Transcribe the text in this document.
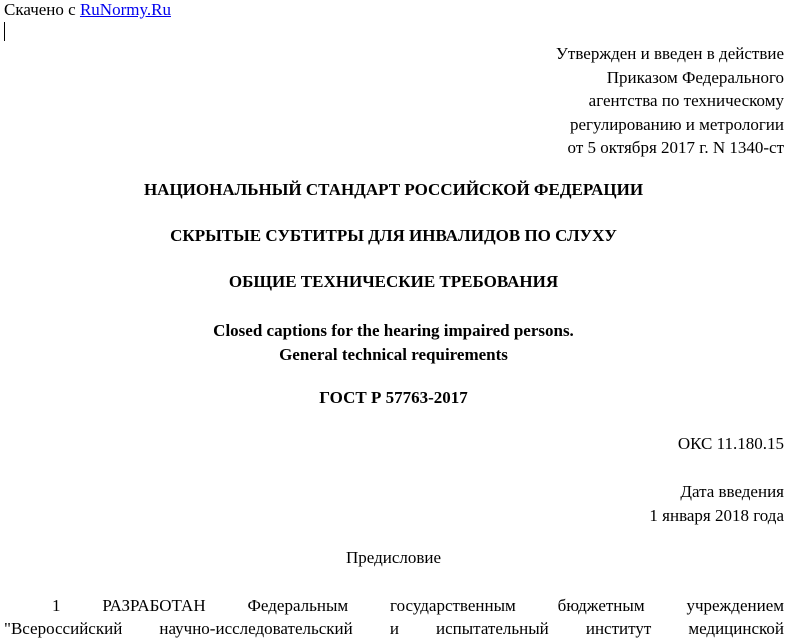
Скачено с RuNormy.Ru
Утвержден и введен в действие
Приказом Федерального
агентства по техническому
регулированию и метрологии
от 5 октября 2017 г. N 1340-ст
НАЦИОНАЛЬНЫЙ СТАНДАРТ РОССИЙСКОЙ ФЕДЕРАЦИИ
СКРЫТЫЕ СУБТИТРЫ ДЛЯ ИНВАЛИДОВ ПО СЛУХУ
ОБЩИЕ ТЕХНИЧЕСКИЕ ТРЕБОВАНИЯ
Closed captions for the hearing impaired persons.
General technical requirements
ГОСТ Р 57763-2017
ОКС 11.180.15
Дата введения
1 января 2018 года
Предисловие
1 РАЗРАБОТАН Федеральным государственным бюджетным учреждением
"Всероссийский научно-исследовательский и испытательный институт медицинской
